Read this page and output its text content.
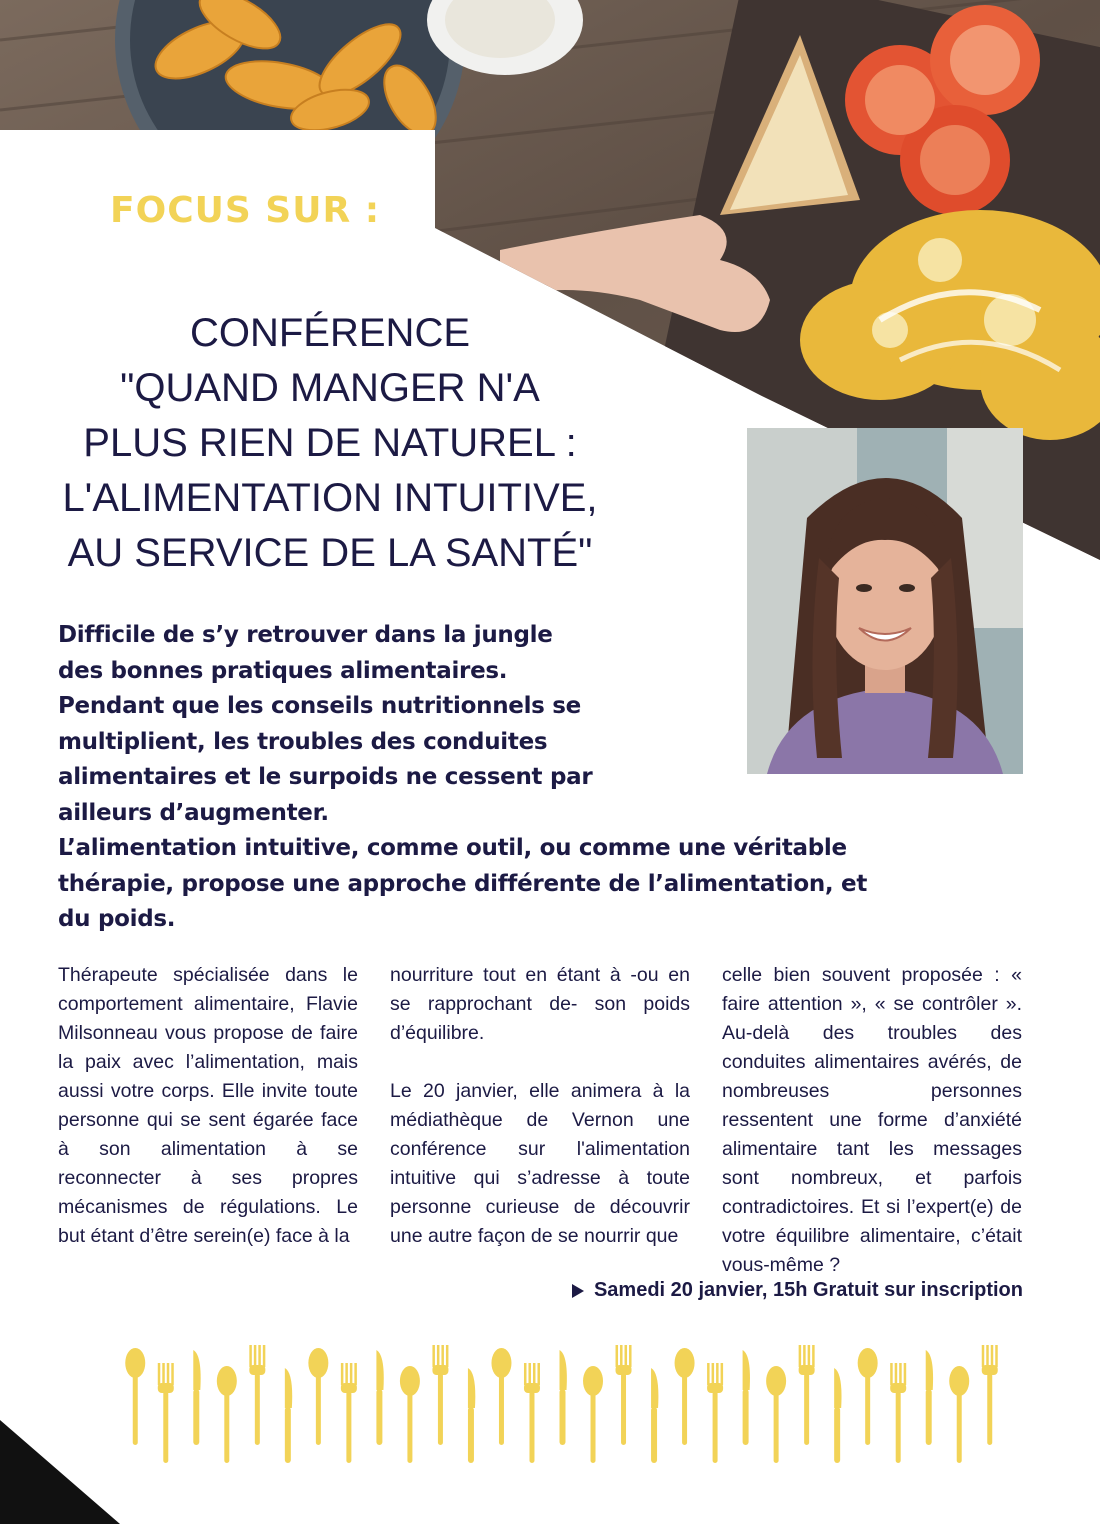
FOCUS SUR :
CONFÉRENCE
"QUAND MANGER N'A
PLUS RIEN DE NATUREL :
L'ALIMENTATION INTUITIVE,
AU SERVICE DE LA SANTÉ"
Difficile de s’y retrouver dans la jungle
des bonnes pratiques alimentaires.
Pendant que les conseils nutritionnels se
multiplient, les troubles des conduites
alimentaires et le surpoids ne cessent par
ailleurs d’augmenter.
L’alimentation intuitive, comme outil, ou comme une véritable
thérapie, propose une approche différente de l’alimentation, et
du poids.

Thérapeute spécialisée dans le comportement alimentaire, Flavie Milsonneau vous propose de faire la paix avec l’alimentation, mais aussi votre corps. Elle invite toute personne qui se sent égarée face à son alimentation à se reconnecter à ses propres mécanismes de régulations. Le but étant d’être serein(e) face à la

nourriture tout en étant à -ou en se rapprochant de- son poids d’équilibre.

Le 20 janvier, elle animera à la médiathèque de Vernon une conférence sur l'alimentation intuitive qui s’adresse à toute personne curieuse de découvrir une autre façon de se nourrir que

celle bien souvent proposée : « faire attention », « se contrôler ». Au-delà des troubles des conduites alimentaires avérés, de nombreuses personnes ressentent une forme d’anxiété alimentaire tant les messages sont nombreux, et parfois contradictoires. Et si l’expert(e) de votre équilibre alimentaire, c’était vous-même ?

Samedi 20 janvier, 15h Gratuit sur inscription
